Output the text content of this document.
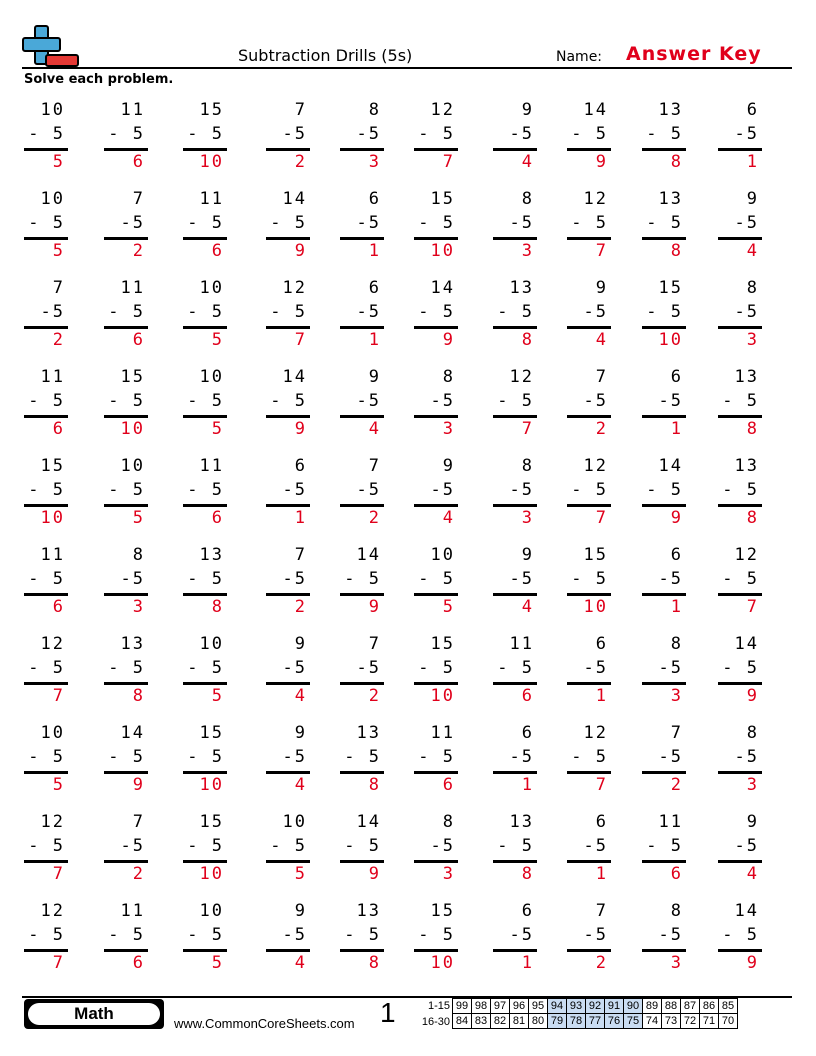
Subtraction Drills (5s)	Name: Answer Key
Solve each problem.
10
- 5
5
11
- 5
6
15
- 5
10
7
-5
2
8
-5
3
12
- 5
7
9
-5
4
14
- 5
9
13
- 5
8
6
-5
1
10
- 5
5
7
-5
2
11
- 5
6
14
- 5
9
6
-5
1
15
- 5
10
8
-5
3
12
- 5
7
13
- 5
8
9
-5
4
7
-5
2
11
- 5
6
10
- 5
5
12
- 5
7
6
-5
1
14
- 5
9
13
- 5
8
9
-5
4
15
- 5
10
8
-5
3
11
- 5
6
15
- 5
10
10
- 5
5
14
- 5
9
9
-5
4
8
-5
3
12
- 5
7
7
-5
2
6
-5
1
13
- 5
8
15
- 5
10
10
- 5
5
11
- 5
6
6
-5
1
7
-5
2
9
-5
4
8
-5
3
12
- 5
7
14
- 5
9
13
- 5
8
11
- 5
6
8
-5
3
13
- 5
8
7
-5
2
14
- 5
9
10
- 5
5
9
-5
4
15
- 5
10
6
-5
1
12
- 5
7
12
- 5
7
13
- 5
8
10
- 5
5
9
-5
4
7
-5
2
15
- 5
10
11
- 5
6
6
-5
1
8
-5
3
14
- 5
9
10
- 5
5
14
- 5
9
15
- 5
10
9
-5
4
13
- 5
8
11
- 5
6
6
-5
1
12
- 5
7
7
-5
2
8
-5
3
12
- 5
7
7
-5
2
15
- 5
10
10
- 5
5
14
- 5
9
8
-5
3
13
- 5
8
6
-5
1
11
- 5
6
9
-5
4
12
- 5
7
11
- 5
6
10
- 5
5
9
-5
4
13
- 5
8
15
- 5
10
6
-5
1
7
-5
2
8
-5
3
14
- 5
9
Math
www.CommonCoreSheets.com 1	1-15
16-30
99	98	97	96	95	94	93	92	91	90	89	88	87	86	85
84	83	82	81	80	79	78	77	76	75	74	73	72	71	70
